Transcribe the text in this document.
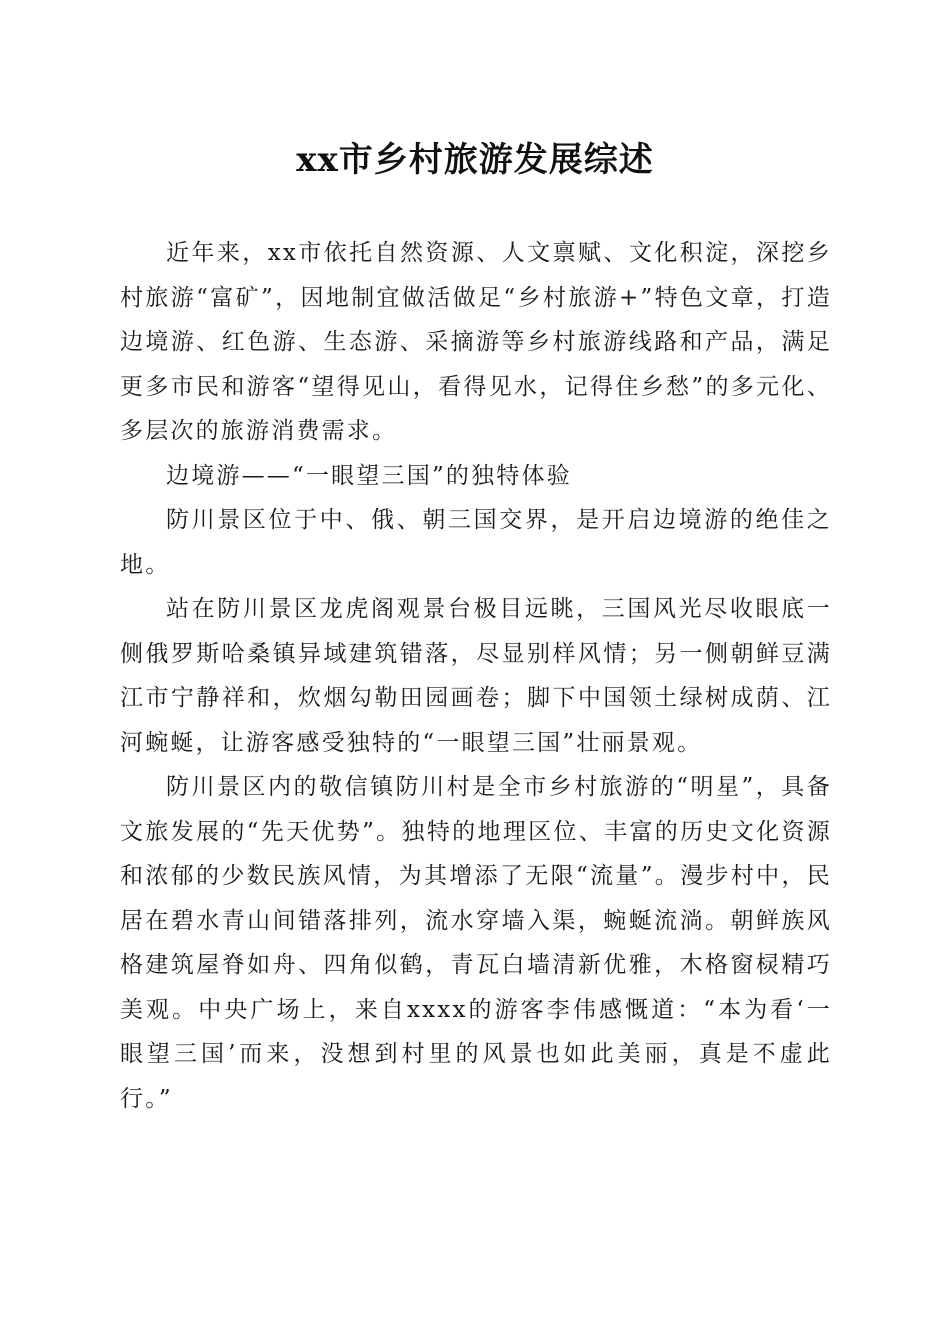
xx市乡村旅游发展综述

近年来，xx市依托自然资源、人文禀赋、文化积淀，深挖乡村旅游“富矿”，因地制宜做活做足“乡村旅游+”特色文章，打造边境游、红色游、生态游、采摘游等乡村旅游线路和产品，满足更多市民和游客“望得见山，看得见水，记得住乡愁”的多元化、多层次的旅游消费需求。

边境游——“一眼望三国”的独特体验

防川景区位于中、俄、朝三国交界，是开启边境游的绝佳之地。

站在防川景区龙虎阁观景台极目远眺，三国风光尽收眼底一侧俄罗斯哈桑镇异域建筑错落，尽显别样风情；另一侧朝鲜豆满江市宁静祥和，炊烟勾勒田园画卷；脚下中国领土绿树成荫、江河蜿蜒，让游客感受独特的“一眼望三国”壮丽景观。

防川景区内的敬信镇防川村是全市乡村旅游的“明星”，具备文旅发展的“先天优势”。独特的地理区位、丰富的历史文化资源和浓郁的少数民族风情，为其增添了无限“流量”。漫步村中，民居在碧水青山间错落排列，流水穿墙入渠，蜿蜒流淌。朝鲜族风格建筑屋脊如舟、四角似鹤，青瓦白墙清新优雅，木格窗棂精巧美观。中央广场上，来自xxxx的游客李伟感慨道：“本为看‘一眼望三国’而来，没想到村里的风景也如此美丽，真是不虚此行。”
